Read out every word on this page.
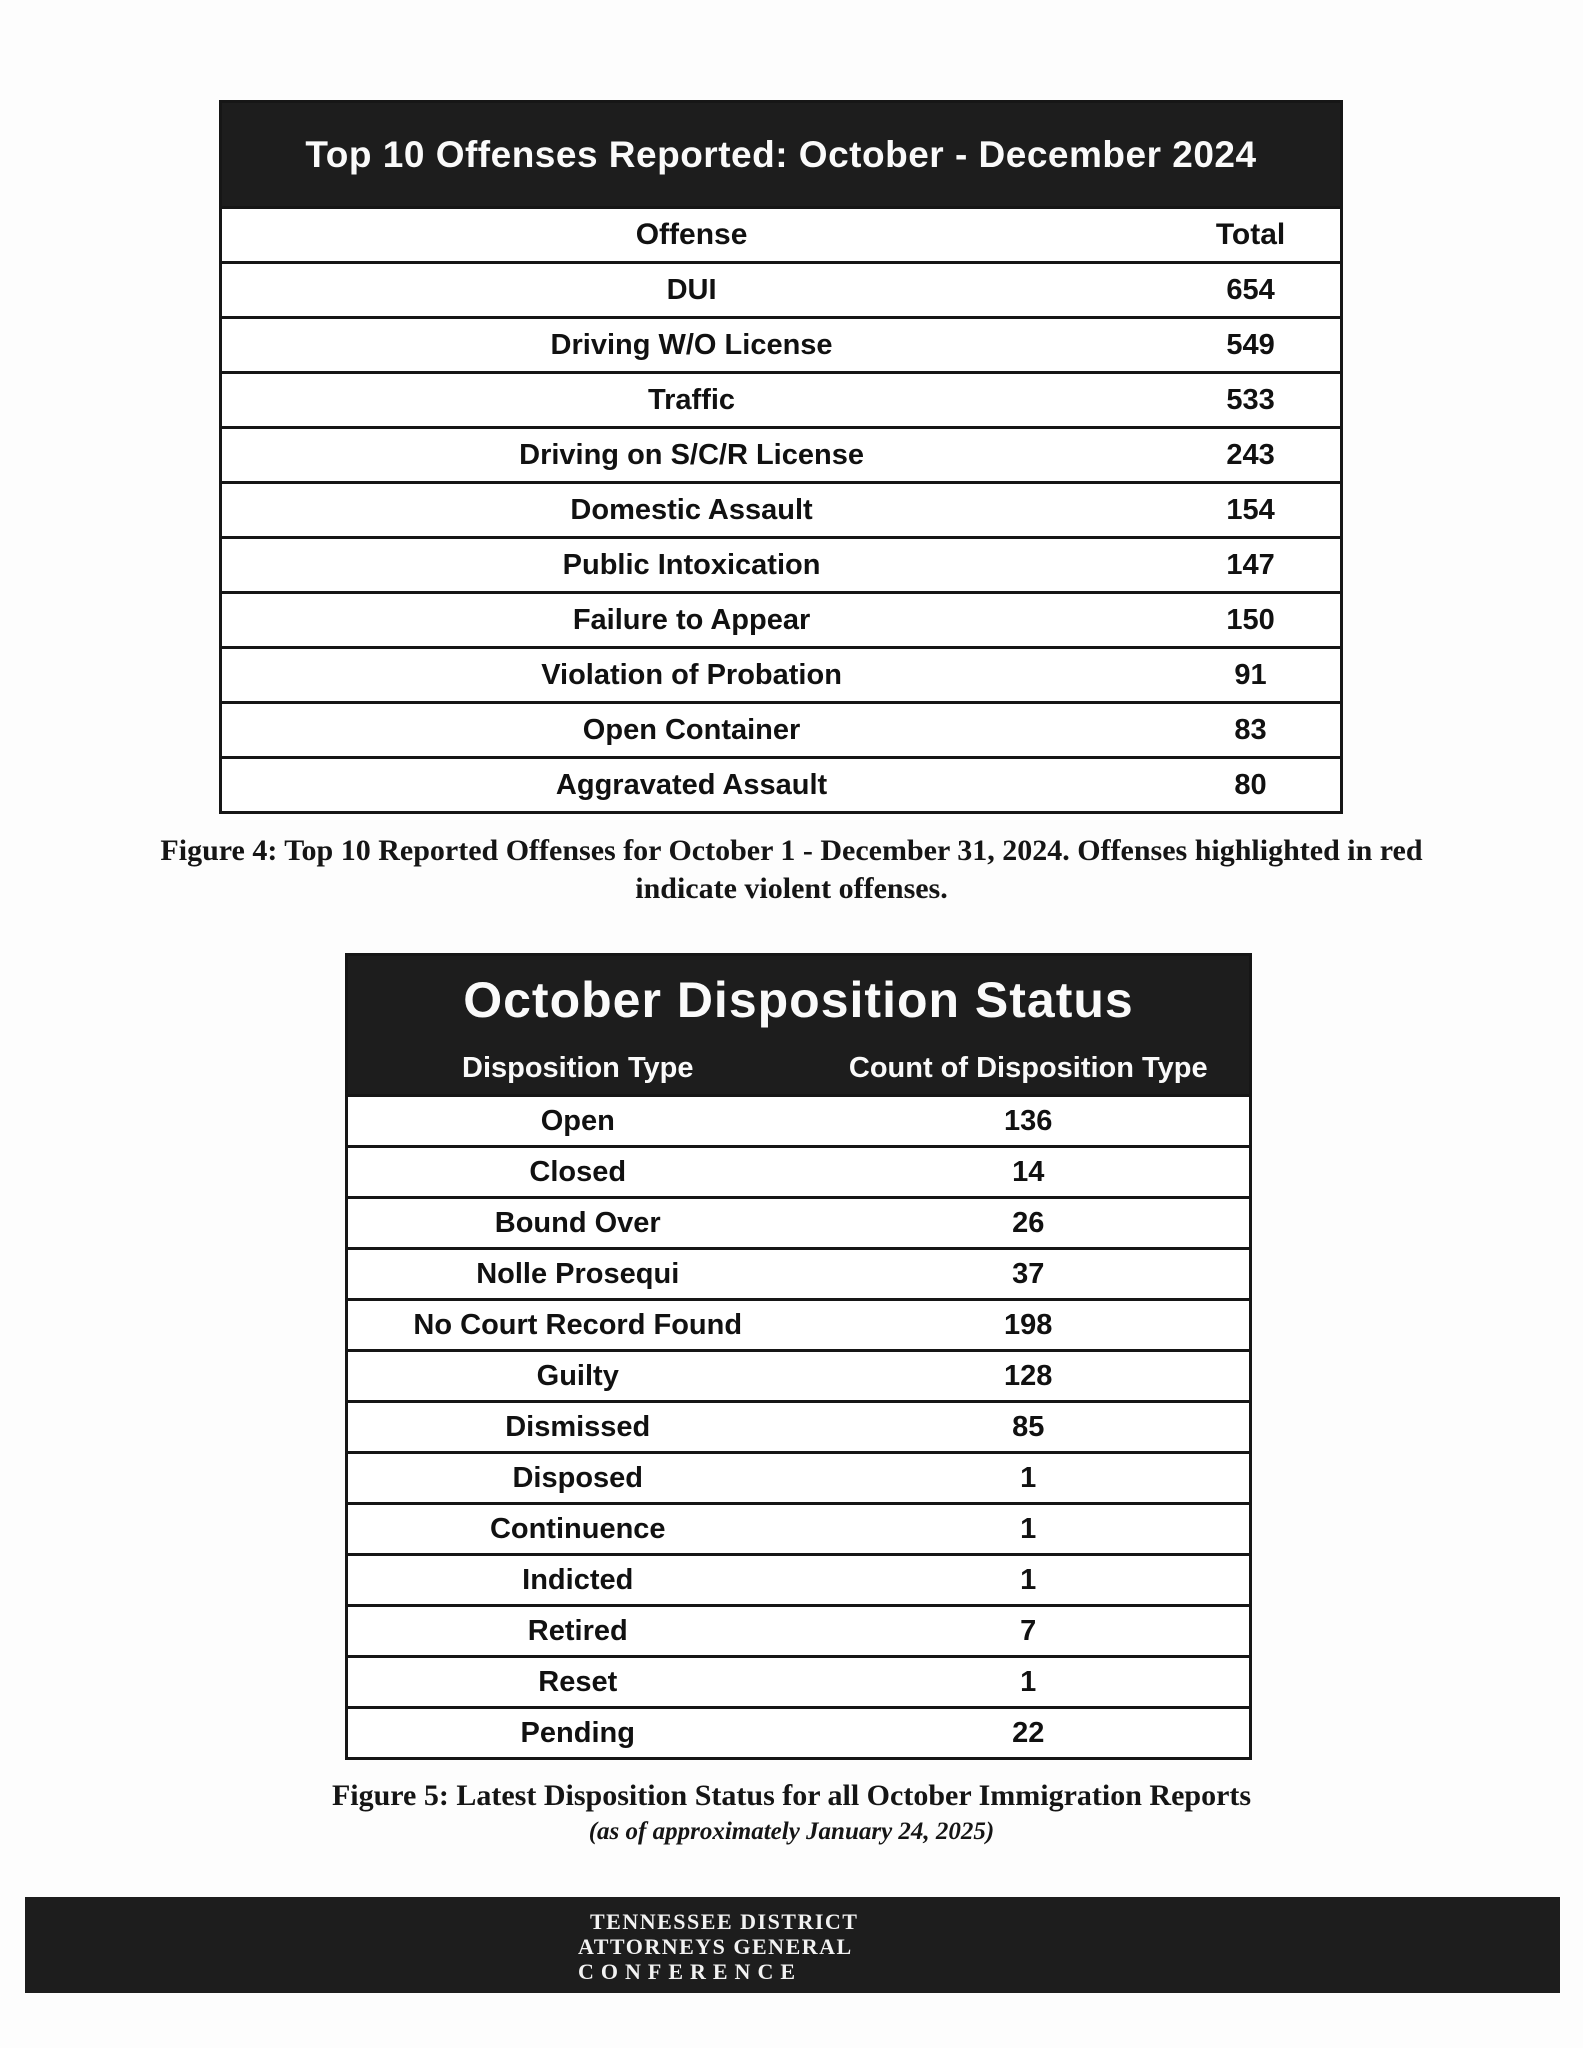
Top 10 Offenses Reported: October - December 2024
Offense	Total
DUI	654
Driving W/O License	549
Traffic	533
Driving on S/C/R License	243
Domestic Assault	154
Public Intoxication	147
Failure to Appear	150
Violation of Probation	91
Open Container	83
Aggravated Assault	80
Figure 4: Top 10 Reported Offenses for October 1 - December 31, 2024. Offenses highlighted in red
indicate violent offenses.
October Disposition Status
Disposition Type	Count of Disposition Type
Open	136
Closed	14
Bound Over	26
Nolle Prosequi	37
No Court Record Found	198
Guilty	128
Dismissed	85
Disposed	1
Continuence	1
Indicted	1
Retired	7
Reset	1
Pending	22
Figure 5: Latest Disposition Status for all October Immigration Reports
(as of approximately January 24, 2025)
TENNESSEE DISTRICT
ATTORNEYS GENERAL
CONFERENCE
